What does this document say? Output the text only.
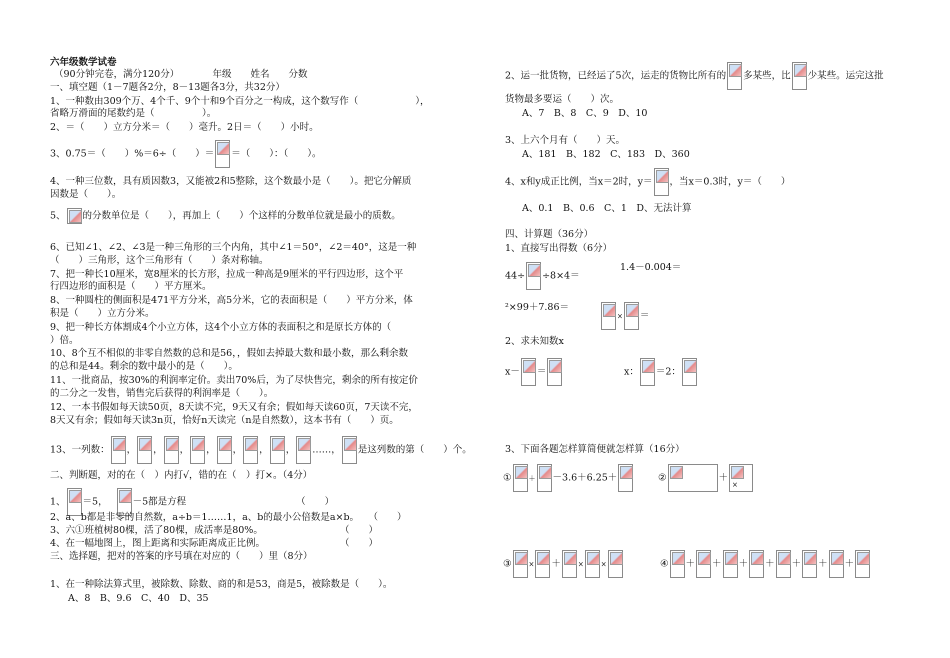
六年级数学试卷
（90分钟完卷，满分120分）　　　　年级　　姓名　　分数
一、填空题（1－7题各2分，8－13题各3分，共32分）
1、一种数由309个万、4个千、9个十和9个百分之一构成，这个数写作（　　　　　　），
省略万滑面的尾数约是（　　　　　）。
2、＝（　　）立方分米＝（　　）毫升。2日＝（　　）小时。
3、0.75＝（　　）%＝6÷（　　）＝ ＝（　　）：（　　）。
4、一种三位数，具有质因数3，又能被2和5整除，这个数最小是（　　）。把它分解质
因数是（　　）。
5、 的分数单位是（　　），再加上（　　）个这样的分数单位就是最小的质数。
6、已知∠1、∠2、∠3是一种三角形的三个内角，其中∠1＝50°，∠2＝40°，这是一种
（　　）三角形，这个三角形有（　　）条对称轴。
7、把一种长10厘米，宽8厘米的长方形，拉成一种高是9厘米的平行四边形，这个平
行四边形的面积是（　　）平方厘米。
8、一种圆柱的侧面积是471平方分米，高5分米，它的表面积是（　　）平方分米，体
积是（　　）立方分米。
9、把一种长方体割成4个小立方体，这4个小立方体的表面积之和是原长方体的（
）倍。
10、8个互不相似的非零自然数的总和是56，，假如去掉最大数和最小数，那么剩余数
的总和是44。剩余的数中最小的是（　　）。
11、一批商品，按30%的利润率定价。卖出70%后，为了尽快售完，剩余的所有按定价
的二分之一发售，销售完后获得的利润率是（　　）。
12、一本书假如每天读50页，8天读不完，9天又有余；假如每天读60页，7天读不完，
8天又有余；假如每天读3n页，恰好n天读完（n是自然数），这本书有（　　）页。
13、一列数： ， ， ， ， ， ， ， ……， 是这列数的第（　　）个。
二、判断题，对的在（　）内打√，错的在（　）打×。（4分）
1、 ＝5，	－5都是方程	（　　）
2、a、b都是非零的自然数，a÷b＝1……1，a、b的最小公倍数是a×b。　　（　　）
3、六①班植树80棵，活了80棵，成活率是80%。	（　　）
4、在一幅地图上，图上距离和实际距离成正比例。	（　　）
三、选择题，把对的答案的序号填在对应的（　　）里（8分）
1、在一种除法算式里，被除数、除数、商的和是53，商是5，被除数是（　　）。
A、8　B、9.6　C、40　D、35
2、运一批货物，已经运了5次，运走的货物比所有的 多某些，比 少某些。运完这批
货物最多要运（　　）次。
A、7　B、8　C、9　D、10
3、上六个月有（　　）天。
A、181　B、182　C、183　D、360
4、x和y成正比例，当x＝2时，y＝ ，当x＝0.3时，y＝（　　）
A、0.1　B、0.6　C、1　D、无法计算
四、计算题（36分）
1、直接写出得数（6分）
44÷ ÷8×4＝
1.4－0.004＝
²×99＋7.86＝
× ＝
2、求未知数x
x－ ＝	x： ＝2：
3、下面各题怎样算简便就怎样算（16分）
① ＋ －3.6＋6.25＋	②	＋
×
③ × ＋ × ×	④ ＋ ＋ ＋ ＋ ＋ ＋ ＋
